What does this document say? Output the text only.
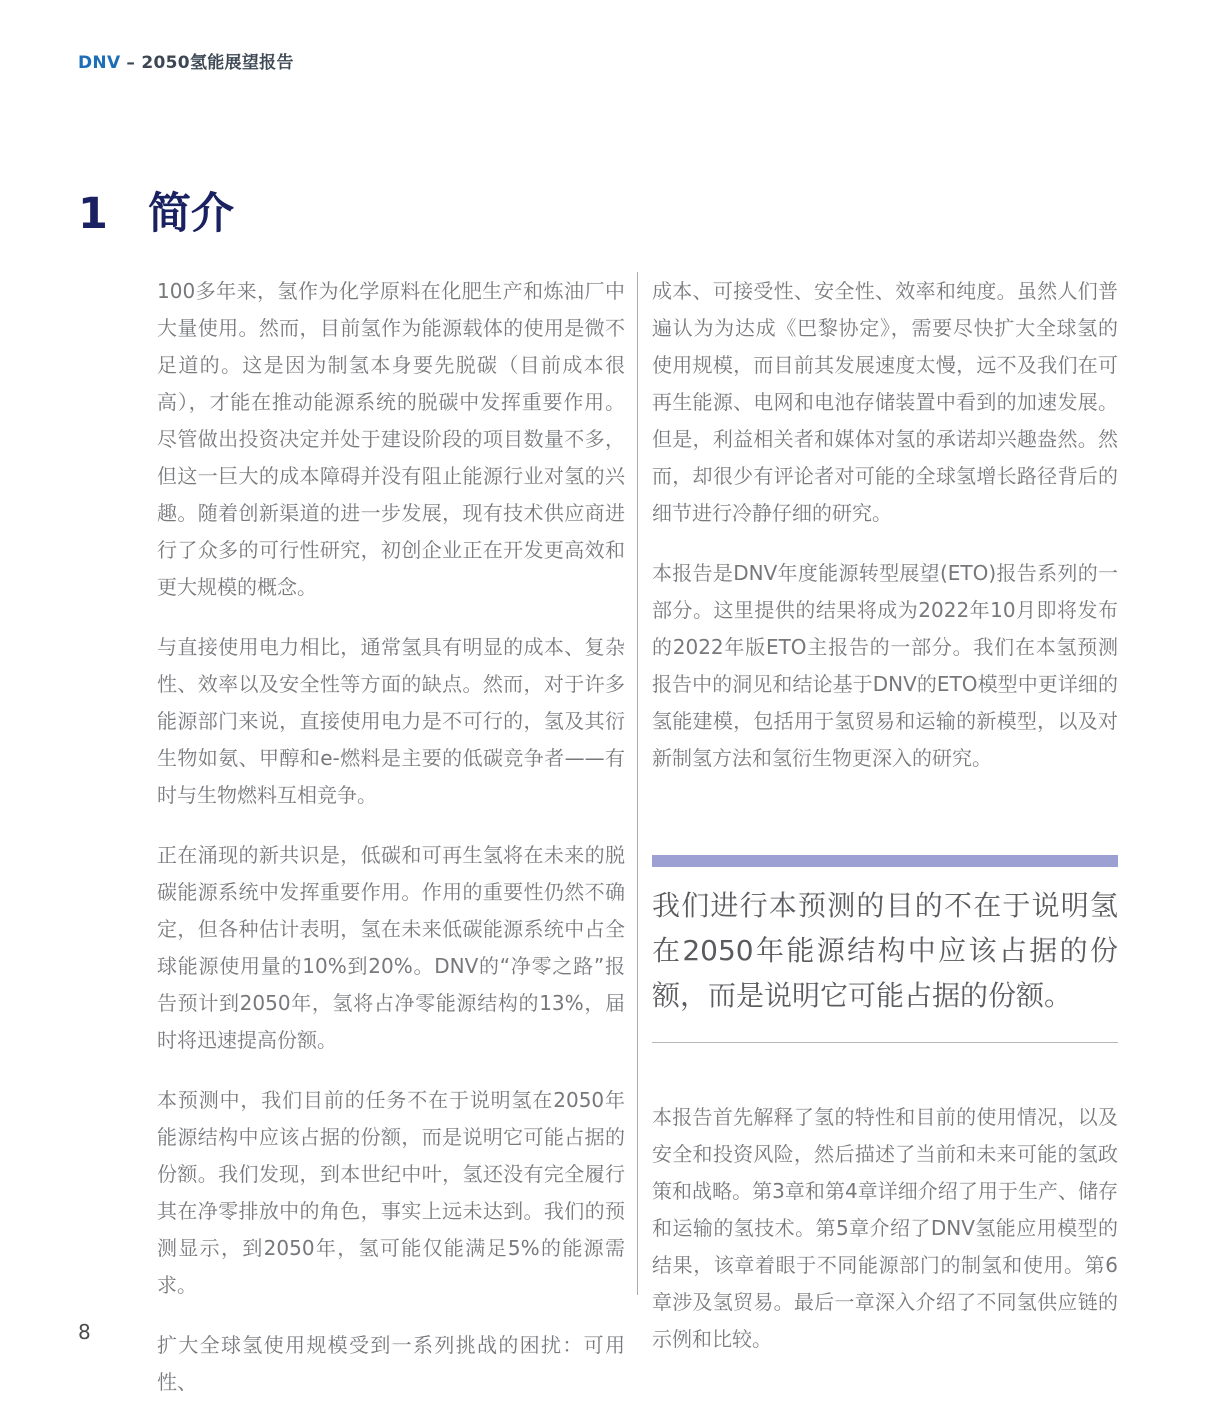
DNV – 2050氢能展望报告
1 简介

100多年来，氢作为化学原料在化肥生产和炼油厂中大量使用。然而，目前氢作为能源载体的使用是微不足道的。这是因为制氢本身要先脱碳（目前成本很高），才能在推动能源系统的脱碳中发挥重要作用。尽管做出投资决定并处于建设阶段的项目数量不多，但这一巨大的成本障碍并没有阻止能源行业对氢的兴趣。随着创新渠道的进一步发展，现有技术供应商进行了众多的可行性研究，初创企业正在开发更高效和更大规模的概念。

与直接使用电力相比，通常氢具有明显的成本、复杂性、效率以及安全性等方面的缺点。然而，对于许多能源部门来说，直接使用电力是不可行的，氢及其衍生物如氨、甲醇和e-燃料是主要的低碳竞争者——有时与生物燃料互相竞争。

正在涌现的新共识是，低碳和可再生氢将在未来的脱碳能源系统中发挥重要作用。作用的重要性仍然不确定，但各种估计表明，氢在未来低碳能源系统中占全球能源使用量的10%到20%。DNV的“净零之路”报告预计到2050年，氢将占净零能源结构的13%，届时将迅速提高份额。

本预测中，我们目前的任务不在于说明氢在2050年能源结构中应该占据的份额，而是说明它可能占据的份额。我们发现，到本世纪中叶，氢还没有完全履行其在净零排放中的角色，事实上远未达到。我们的预测显示，到2050年，氢可能仅能满足5%的能源需求。

扩大全球氢使用规模受到一系列挑战的困扰：可用性、

成本、可接受性、安全性、效率和纯度。虽然人们普遍认为为达成《巴黎协定》，需要尽快扩大全球氢的使用规模，而目前其发展速度太慢，远不及我们在可再生能源、电网和电池存储装置中看到的加速发展。但是，利益相关者和媒体对氢的承诺却兴趣盎然。然而，却很少有评论者对可能的全球氢增长路径背后的细节进行冷静仔细的研究。

本报告是DNV年度能源转型展望(ETO)报告系列的一部分。这里提供的结果将成为2022年10月即将发布的2022年版ETO主报告的一部分。我们在本氢预测报告中的洞见和结论基于DNV的ETO模型中更详细的氢能建模，包括用于氢贸易和运输的新模型，以及对新制氢方法和氢衍生物更深入的研究。

我们进行本预测的目的不在于说明氢在2050年能源结构中应该占据的份额，而是说明它可能占据的份额。

本报告首先解释了氢的特性和目前的使用情况，以及安全和投资风险，然后描述了当前和未来可能的氢政策和战略。第3章和第4章详细介绍了用于生产、储存和运输的氢技术。第5章介绍了DNV氢能应用模型的结果，该章着眼于不同能源部门的制氢和使用。第6章涉及氢贸易。最后一章深入介绍了不同氢供应链的示例和比较。

8
